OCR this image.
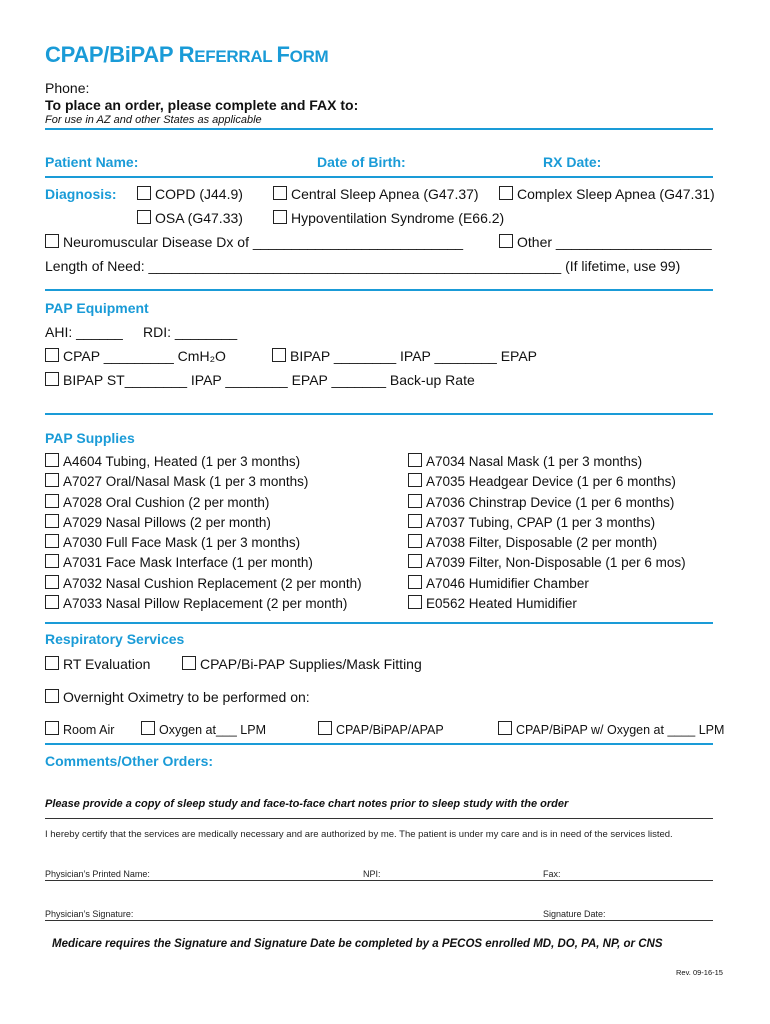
CPAP/BiPAP REFERRAL FORM
Phone:
To place an order, please complete and FAX to:
For use in AZ and other States as applicable
Patient Name:	Date of Birth:	RX Date:
Diagnosis:	COPD (J44.9)	Central Sleep Apnea (G47.37)	Complex Sleep Apnea (G47.31)
OSA (G47.33)	Hypoventilation Syndrome (E66.2)
Neuromuscular Disease Dx of ___________________________	Other ____________________
Length of Need: _____________________________________________________ (If lifetime, use 99)
PAP Equipment
AHI: ______ RDI: ________
CPAP _________ CmH₂O	BIPAP ________ IPAP ________ EPAP
BIPAP ST________ IPAP ________ EPAP _______ Back-up Rate
PAP Supplies
A4604 Tubing, Heated (1 per 3 months)
A7027 Oral/Nasal Mask (1 per 3 months)
A7028 Oral Cushion (2 per month)
A7029 Nasal Pillows (2 per month)
A7030 Full Face Mask (1 per 3 months)
A7031 Face Mask Interface (1 per month)
A7032 Nasal Cushion Replacement (2 per month)
A7033 Nasal Pillow Replacement (2 per month)
A7034 Nasal Mask (1 per 3 months)
A7035 Headgear Device (1 per 6 months)
A7036 Chinstrap Device (1 per 6 months)
A7037 Tubing, CPAP (1 per 3 months)
A7038 Filter, Disposable (2 per month)
A7039 Filter, Non-Disposable (1 per 6 mos)
A7046 Humidifier Chamber
E0562 Heated Humidifier
Respiratory Services
RT Evaluation	CPAP/Bi-PAP Supplies/Mask Fitting
Overnight Oximetry to be performed on:
Room Air	Oxygen at___ LPM	CPAP/BiPAP/APAP	CPAP/BiPAP w/ Oxygen at ____ LPM
Comments/Other Orders:
Please provide a copy of sleep study and face-to-face chart notes prior to sleep study with the order
I hereby certify that the services are medically necessary and are authorized by me. The patient is under my care and is in need of the services listed.
Physician’s Printed Name:	NPI:	Fax:
Physician’s Signature:	Signature Date:
Medicare requires the Signature and Signature Date be completed by a PECOS enrolled MD, DO, PA, NP, or CNS
Rev. 09-16-15
